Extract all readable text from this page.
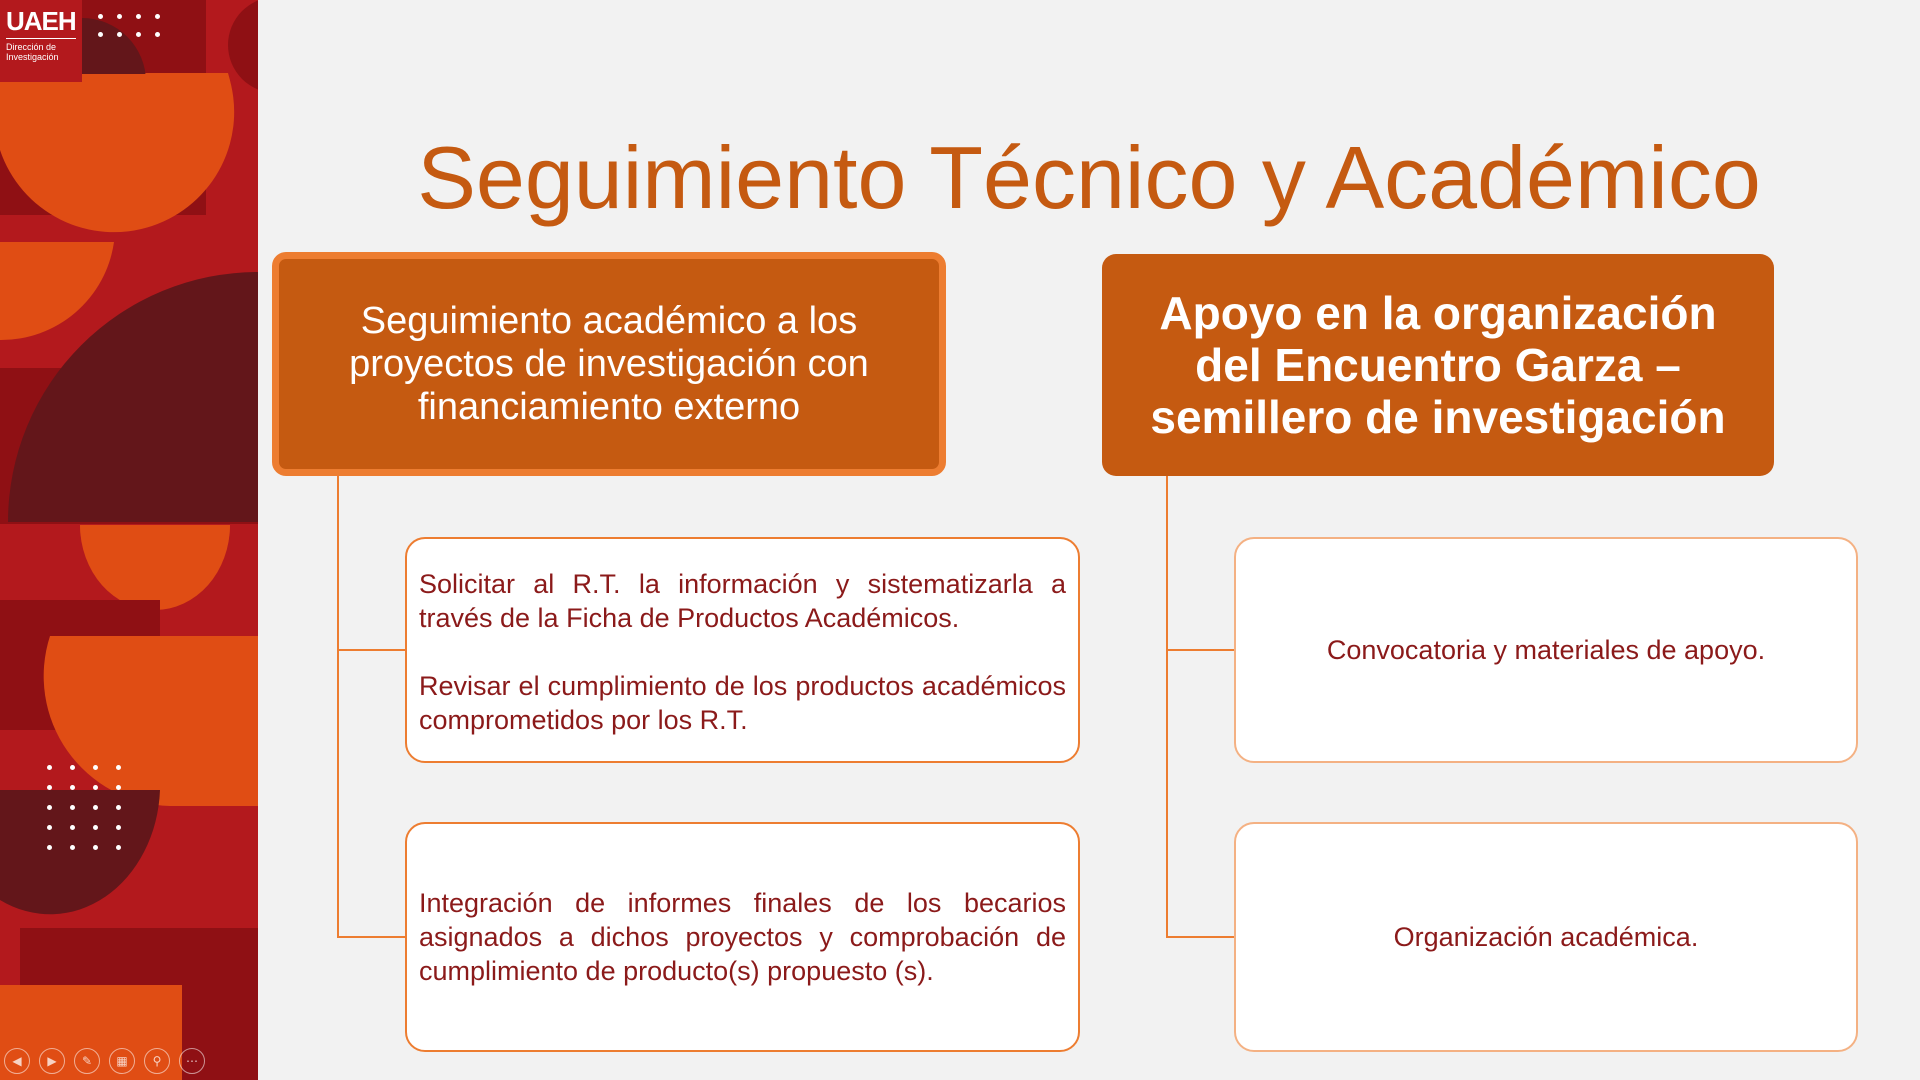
UAEH
Dirección de Investigación
◀	▶	✎	▦	⚲	⋯
Seguimiento Técnico y Académico
Seguimiento académico a los proyectos de investigación con financiamiento externo
Apoyo en la organización del Encuentro Garza – semillero de investigación

Solicitar al R.T. la información y sistematizarla a través de la Ficha de Productos Académicos.

Revisar el cumplimiento de los productos académicos comprometidos por los R.T.

Integración de informes finales de los becarios asignados a dichos proyectos y comprobación de cumplimiento de producto(s) propuesto (s).

Convocatoria y materiales de apoyo.
Organización académica.
